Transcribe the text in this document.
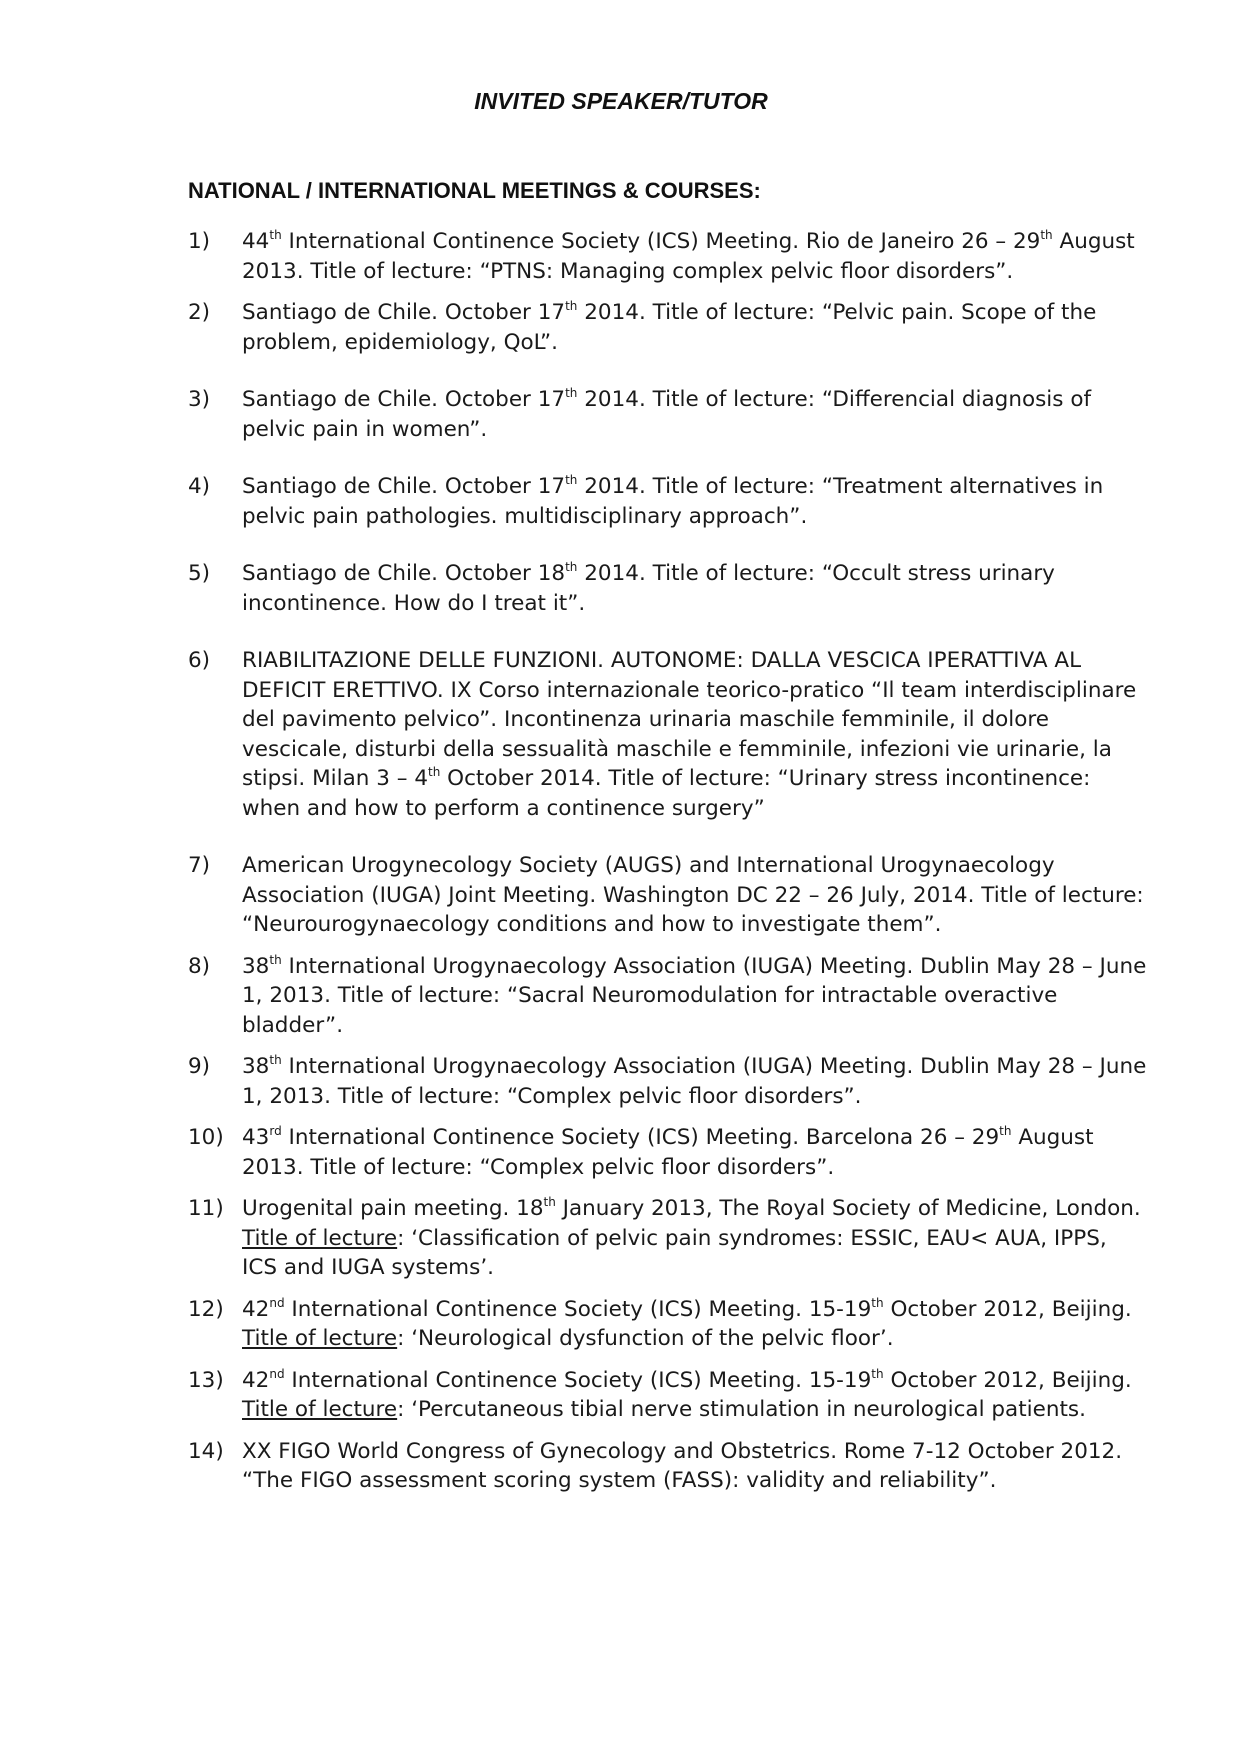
INVITED SPEAKER/TUTOR
NATIONAL / INTERNATIONAL MEETINGS & COURSES:
1) 44th International Continence Society (ICS) Meeting. Rio de Janeiro 26 – 29th August 2013. Title of lecture: “PTNS: Managing complex pelvic floor disorders”.
2) Santiago de Chile. October 17th 2014. Title of lecture: “Pelvic pain. Scope of the problem, epidemiology, QoL”.
3) Santiago de Chile. October 17th 2014. Title of lecture: “Differencial diagnosis of pelvic pain in women”.
4) Santiago de Chile. October 17th 2014. Title of lecture: “Treatment alternatives in pelvic pain pathologies. multidisciplinary approach”.
5) Santiago de Chile. October 18th 2014. Title of lecture: “Occult stress urinary incontinence. How do I treat it”.
6) RIABILITAZIONE DELLE FUNZIONI. AUTONOME: DALLA VESCICA IPERATTIVA AL DEFICIT ERETTIVO. IX Corso internazionale teorico-pratico “Il team interdisciplinare del pavimento pelvico”. Incontinenza urinaria maschile femminile, il dolore vescicale, disturbi della sessualità maschile e femminile, infezioni vie urinarie, la stipsi. Milan 3 – 4th October 2014. Title of lecture: “Urinary stress incontinence: when and how to perform a continence surgery”
7) American Urogynecology Society (AUGS) and International Urogynaecology Association (IUGA) Joint Meeting. Washington DC 22 – 26 July, 2014. Title of lecture: “Neurourogynaecology conditions and how to investigate them”.
8) 38th International Urogynaecology Association (IUGA) Meeting. Dublin May 28 – June 1, 2013. Title of lecture: “Sacral Neuromodulation for intractable overactive bladder”.
9) 38th International Urogynaecology Association (IUGA) Meeting. Dublin May 28 – June 1, 2013. Title of lecture: “Complex pelvic floor disorders”.
10) 43rd International Continence Society (ICS) Meeting. Barcelona 26 – 29th August 2013. Title of lecture: “Complex pelvic floor disorders”.
11) Urogenital pain meeting. 18th January 2013, The Royal Society of Medicine, London. Title of lecture: ‘Classification of pelvic pain syndromes: ESSIC, EAU< AUA, IPPS, ICS and IUGA systems’.
12) 42nd International Continence Society (ICS) Meeting. 15-19th October 2012, Beijing. Title of lecture: ‘Neurological dysfunction of the pelvic floor’.
13) 42nd International Continence Society (ICS) Meeting. 15-19th October 2012, Beijing. Title of lecture: ‘Percutaneous tibial nerve stimulation in neurological patients.
14) XX FIGO World Congress of Gynecology and Obstetrics. Rome 7-12 October 2012. “The FIGO assessment scoring system (FASS): validity and reliability”.
